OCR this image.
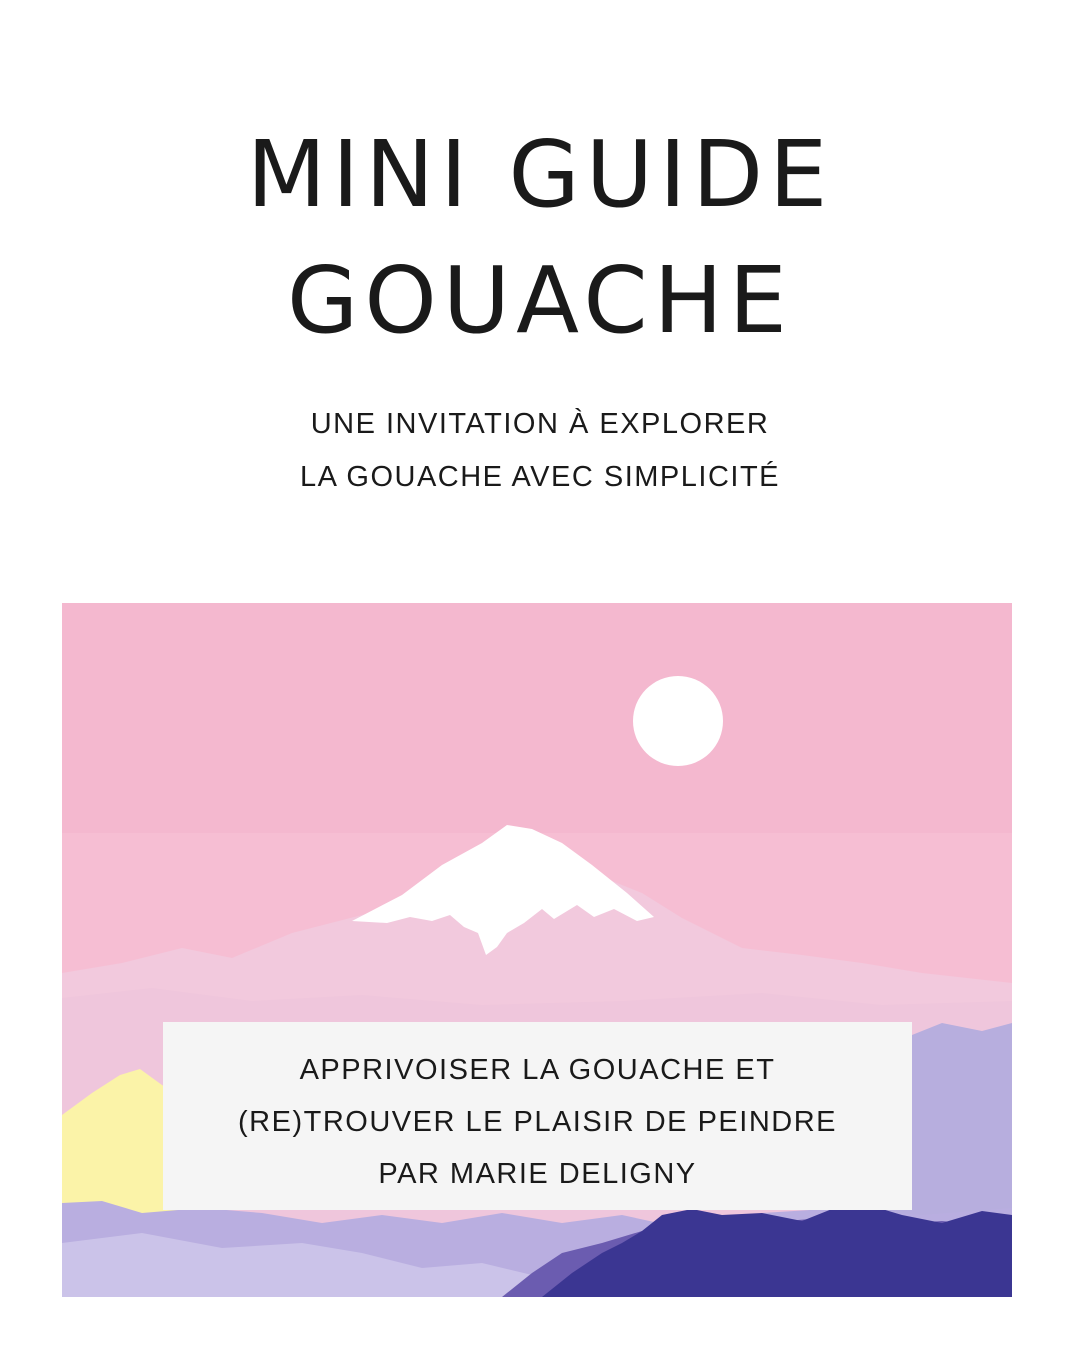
MINI GUIDE
GOUACHE
UNE INVITATION À EXPLORER
LA GOUACHE AVEC SIMPLICITÉ
APPRIVOISER LA GOUACHE ET
(RE)TROUVER LE PLAISIR DE PEINDRE
PAR MARIE DELIGNY
